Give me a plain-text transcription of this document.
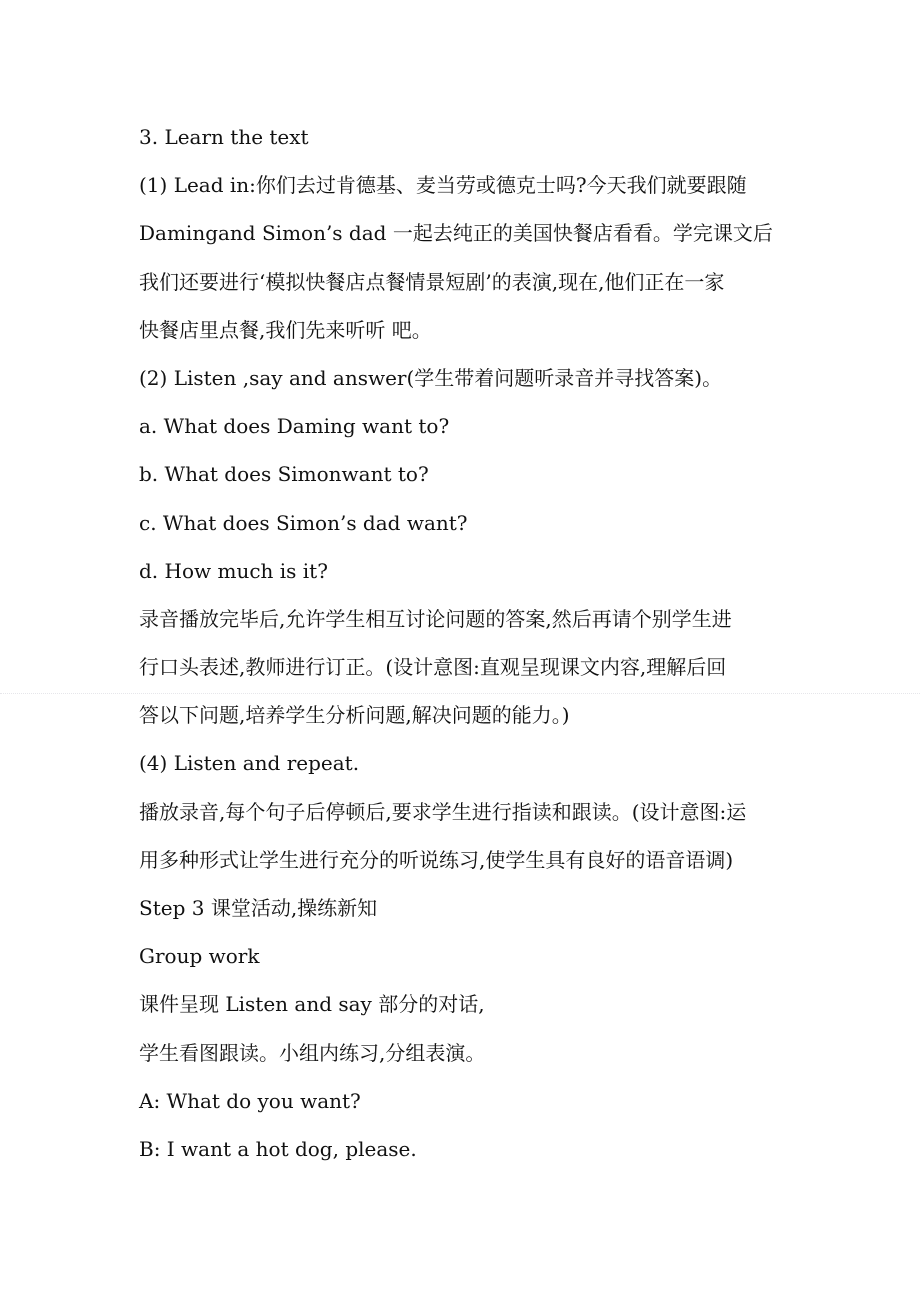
3. Learn the text
(1) Lead in:你们去过肯德基、麦当劳或德克士吗?今天我们就要跟随
Damingand Simon’s dad 一起去纯正的美国快餐店看看。学完课文后
我们还要进行‘模拟快餐店点餐情景短剧’的表演,现在,他们正在一家
快餐店里点餐,我们先来听听 吧。
(2) Listen ,say and answer(学生带着问题听录音并寻找答案)。
a. What does Daming want to?
b. What does Simonwant to?
c. What does Simon’s dad want?
d. How much is it?
录音播放完毕后,允许学生相互讨论问题的答案,然后再请个别学生进
行口头表述,教师进行订正。(设计意图:直观呈现课文内容,理解后回
答以下问题,培养学生分析问题,解决问题的能力。)
(4) Listen and repeat.
播放录音,每个句子后停顿后,要求学生进行指读和跟读。(设计意图:运
用多种形式让学生进行充分的听说练习,使学生具有良好的语音语调)
Step 3 课堂活动,操练新知
Group work
课件呈现 Listen and say 部分的对话,
学生看图跟读。小组内练习,分组表演。
A: What do you want?
B: I want a hot dog, please.
